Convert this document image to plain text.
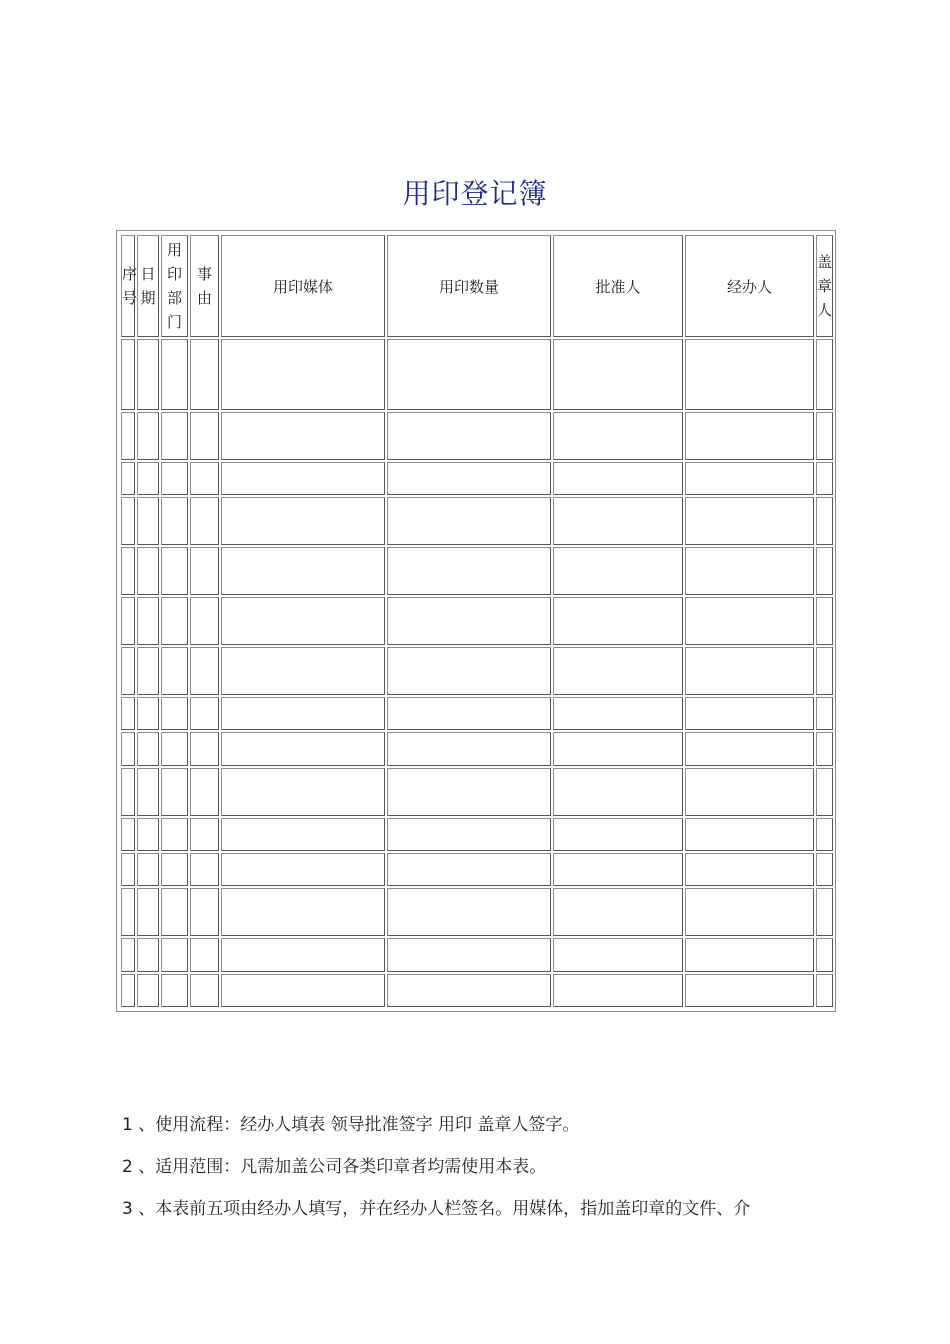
用印登记簿
序号	日期	用印部门	事由	用印媒体	用印数量	批准人	经办人	盖章人

1 、使用流程：经办人填表 领导批准签字 用印 盖章人签字。
2 、适用范围：凡需加盖公司各类印章者均需使用本表。
3 、本表前五项由经办人填写，并在经办人栏签名。用媒体，指加盖印章的文件、介
